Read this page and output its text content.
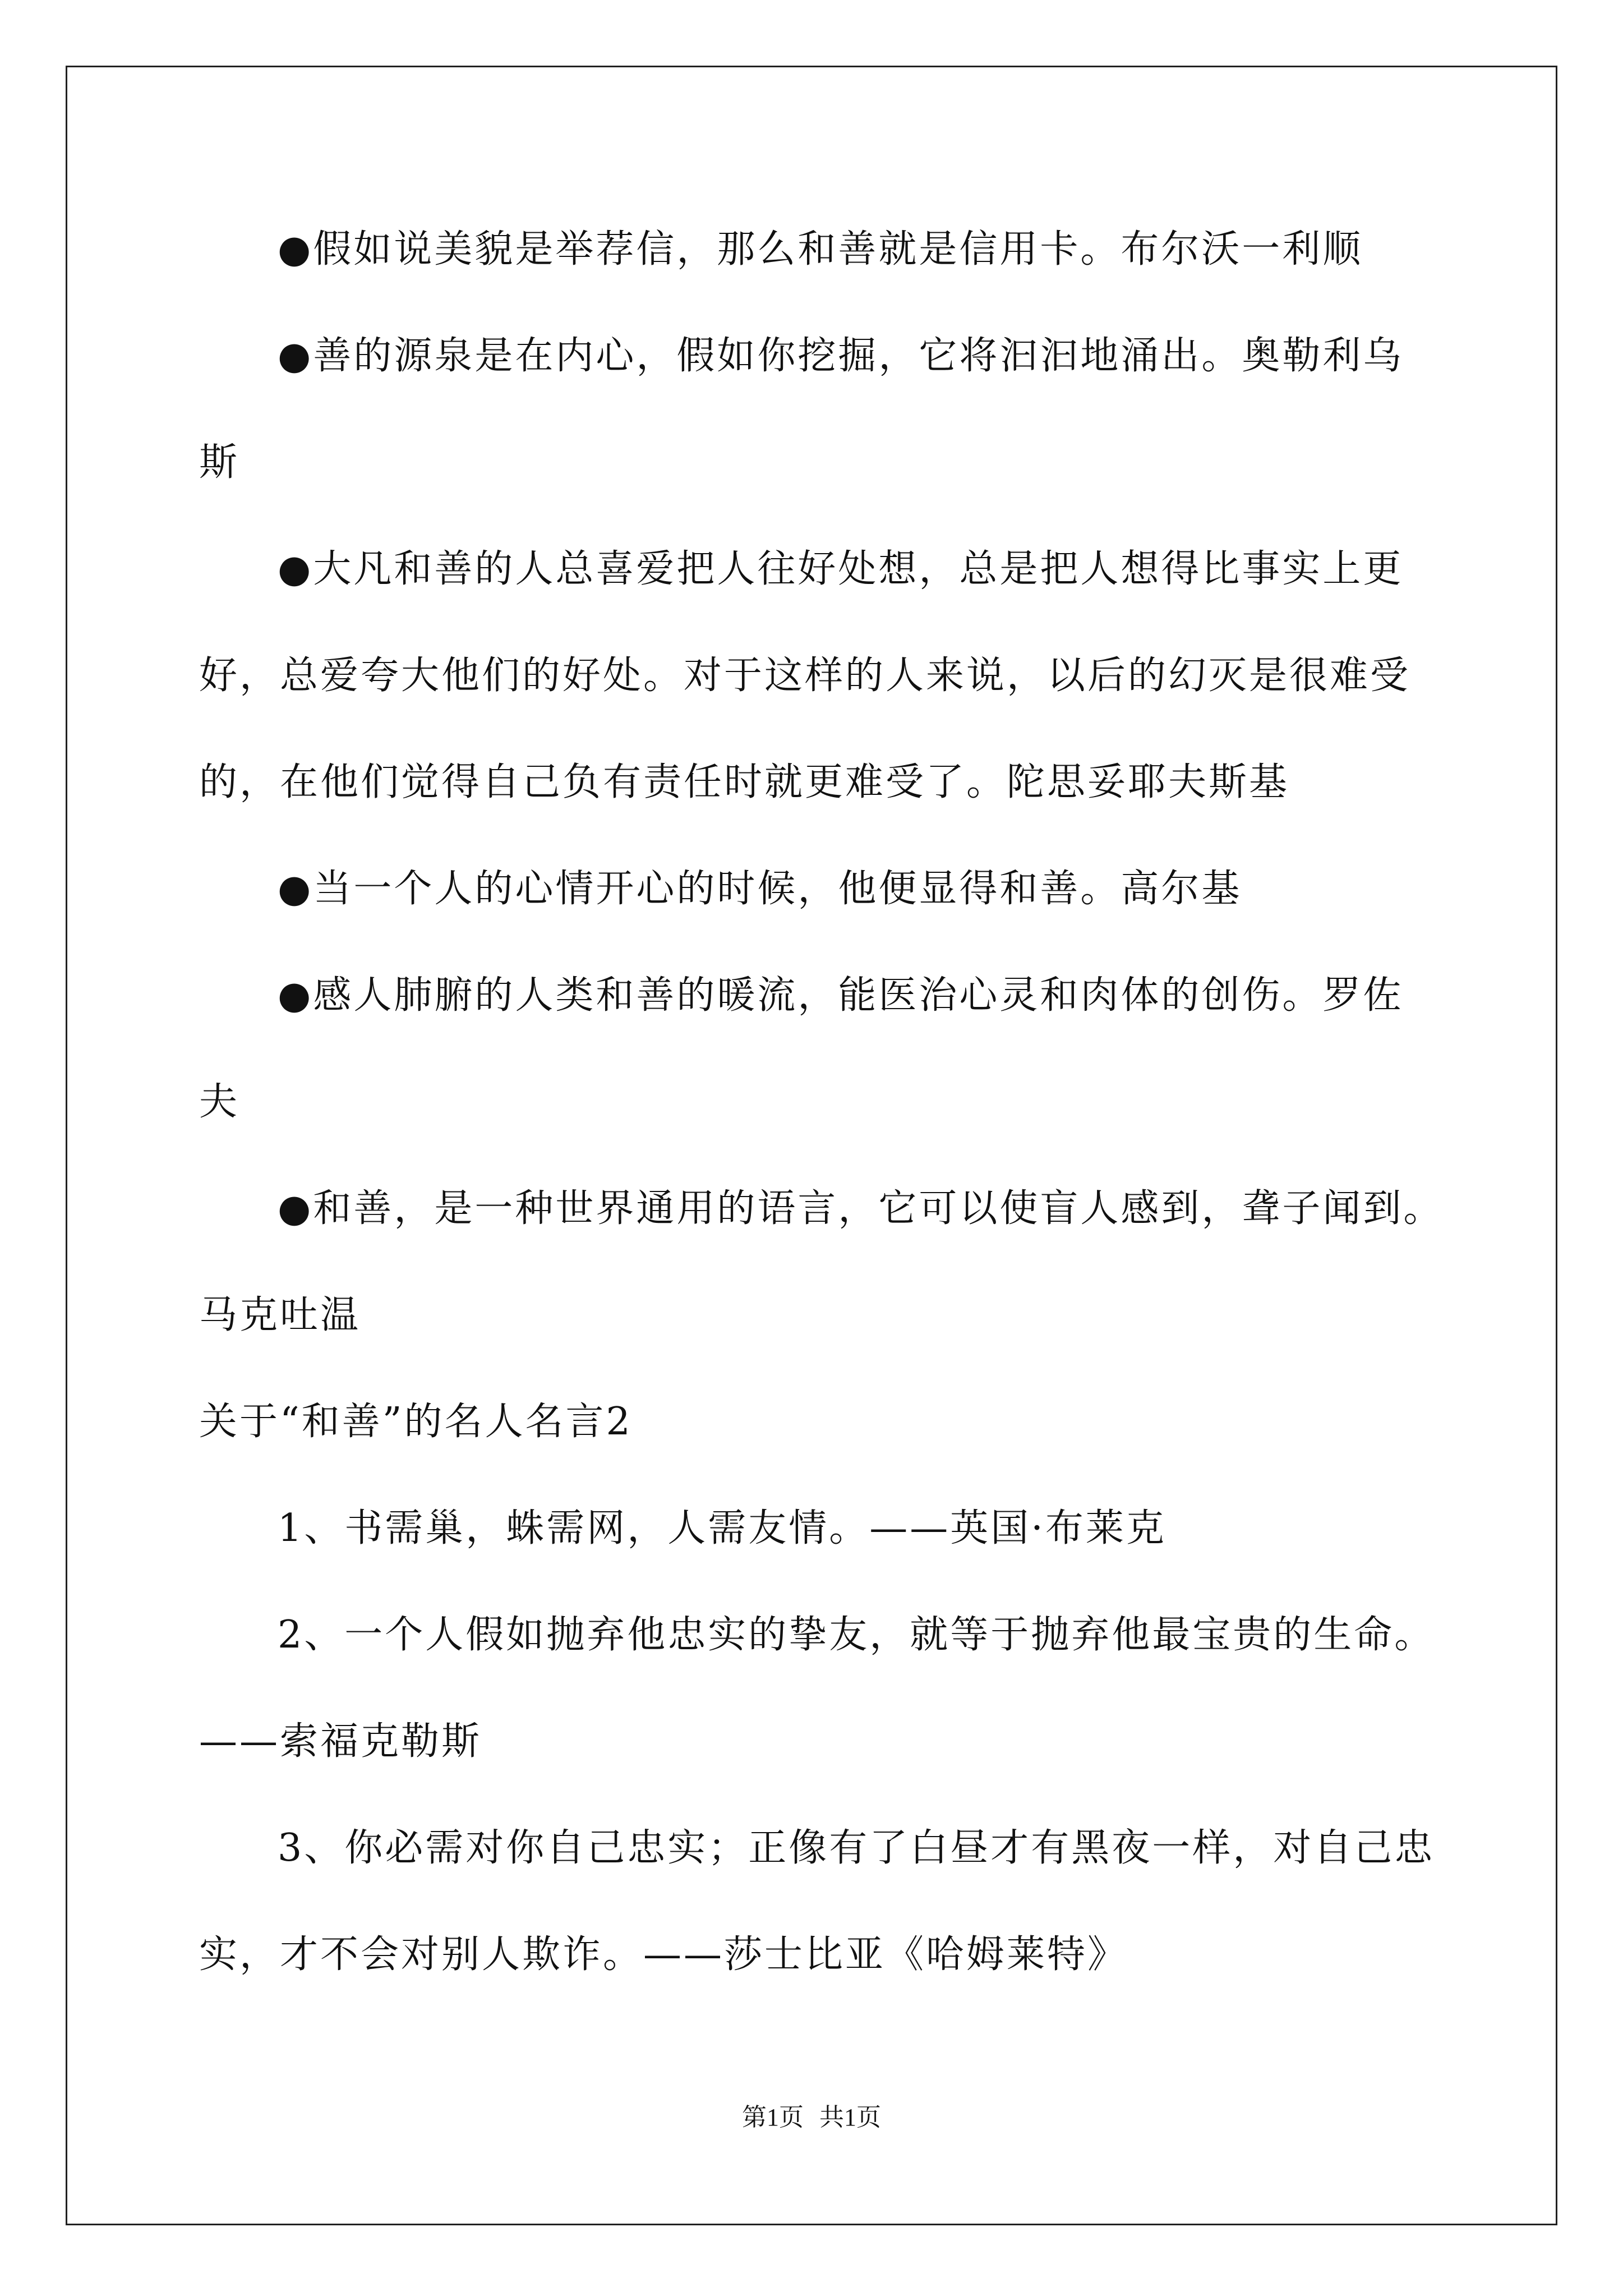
●假如说美貌是举荐信，那么和善就是信用卡。布尔沃一利顺
●善的源泉是在内心，假如你挖掘，它将汩汩地涌出。奥勒利乌
斯
●大凡和善的人总喜爱把人往好处想，总是把人想得比事实上更
好，总爱夸大他们的好处。对于这样的人来说，以后的幻灭是很难受
的，在他们觉得自己负有责任时就更难受了。陀思妥耶夫斯基
●当一个人的心情开心的时候，他便显得和善。高尔基
●感人肺腑的人类和善的暖流，能医治心灵和肉体的创伤。罗佐
夫
●和善，是一种世界通用的语言，它可以使盲人感到，聋子闻到。
马克吐温
关于“和善”的名人名言2
1、书需巢，蛛需网，人需友情。——英国·布莱克
2、一个人假如抛弃他忠实的挚友，就等于抛弃他最宝贵的生命。
——索福克勒斯
3、你必需对你自己忠实；正像有了白昼才有黑夜一样，对自己忠
实，才不会对别人欺诈。——莎士比亚《哈姆莱特》
第1页 共1页
